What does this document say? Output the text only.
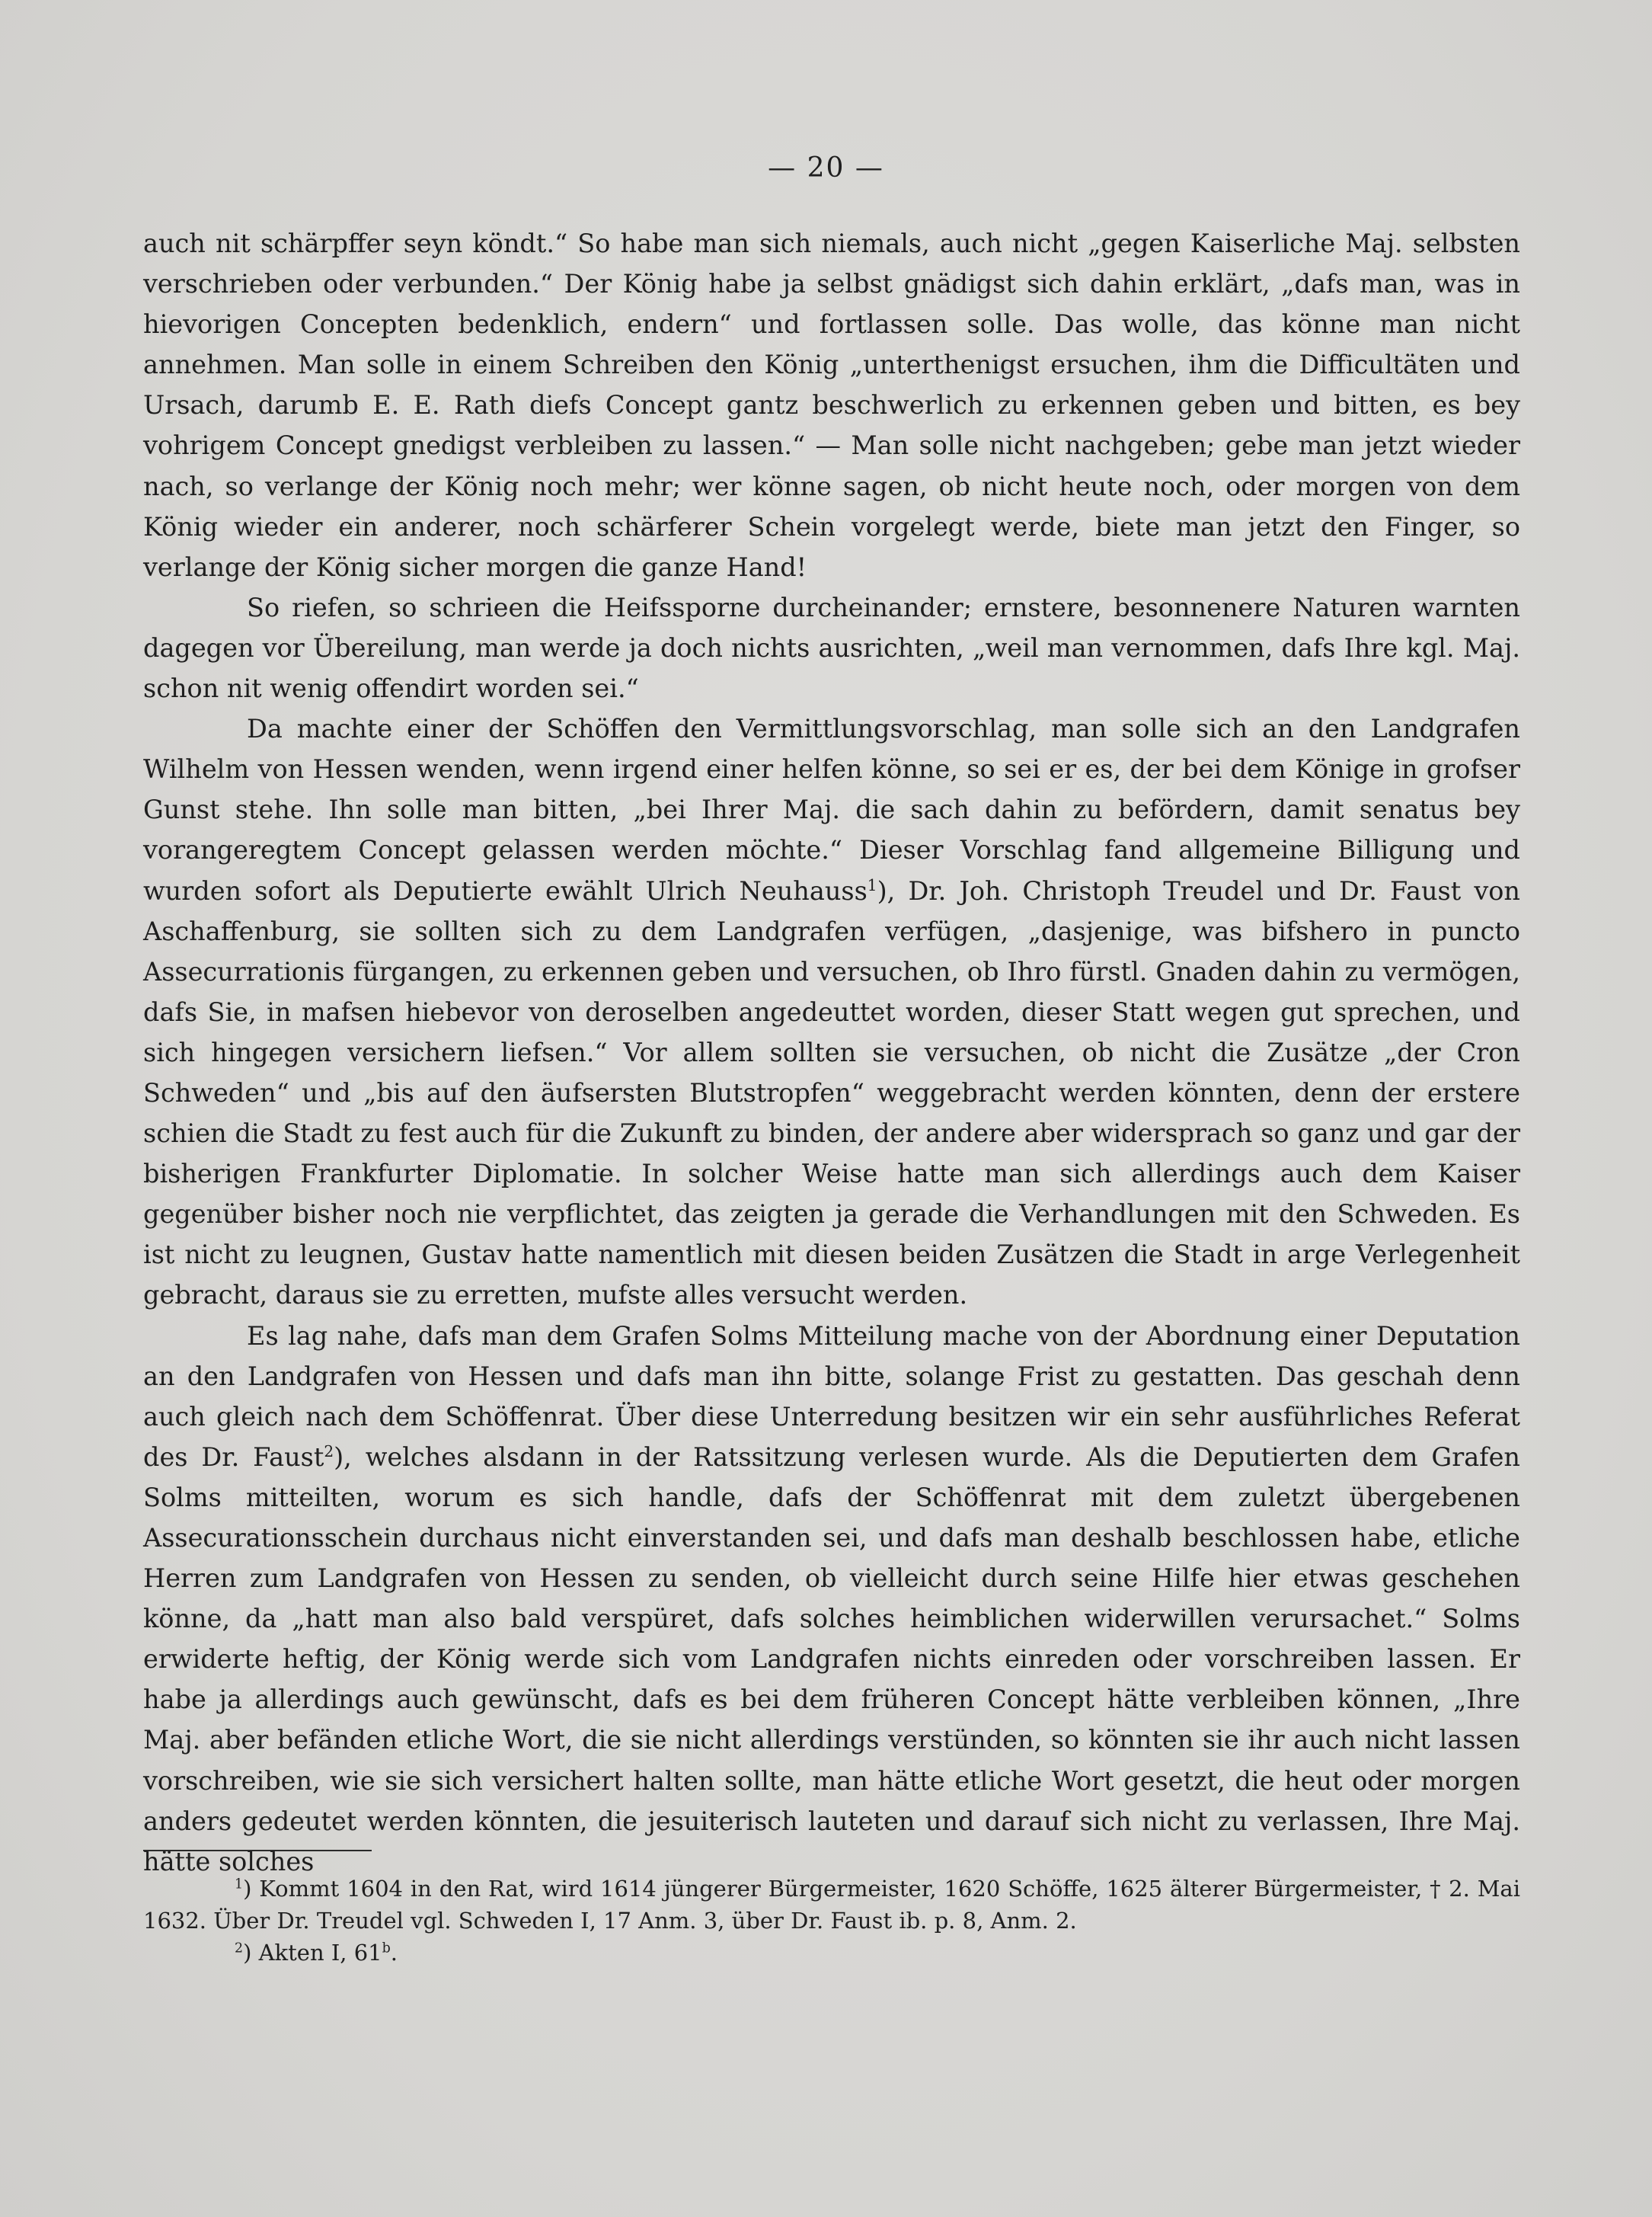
— 20 —

auch nit schärpffer seyn köndt.“ So habe man sich niemals, auch nicht „gegen Kaiserliche Maj. selbsten verschrieben oder verbunden.“ Der König habe ja selbst gnädigst sich dahin erklärt, „dafs man, was in hievorigen Concepten bedenklich, endern“ und fortlassen solle. Das wolle, das könne man nicht annehmen. Man solle in einem Schreiben den König „unterthenigst ersuchen, ihm die Difficultäten und Ursach, darumb E. E. Rath diefs Concept gantz beschwerlich zu erkennen geben und bitten, es bey vohrigem Concept gnedigst verbleiben zu lassen.“ — Man solle nicht nachgeben; gebe man jetzt wieder nach, so verlange der König noch mehr; wer könne sagen, ob nicht heute noch, oder morgen von dem König wieder ein anderer, noch schärferer Schein vorgelegt werde, biete man jetzt den Finger, so verlange der König sicher morgen die ganze Hand!

So riefen, so schrieen die Heifssporne durcheinander; ernstere, besonnenere Naturen warnten dagegen vor Übereilung, man werde ja doch nichts ausrichten, „weil man vernommen, dafs Ihre kgl. Maj. schon nit wenig offendirt worden sei.“

Da machte einer der Schöffen den Vermittlungsvorschlag, man solle sich an den Landgrafen Wilhelm von Hessen wenden, wenn irgend einer helfen könne, so sei er es, der bei dem Könige in grofser Gunst stehe. Ihn solle man bitten, „bei Ihrer Maj. die sach dahin zu befördern, damit senatus bey vorangeregtem Concept gelassen werden möchte.“ Dieser Vorschlag fand allgemeine Billigung und wurden sofort als Deputierte ewählt Ulrich Neuhauss$^1$), Dr. Joh. Christoph Treudel und Dr. Faust von Aschaffenburg, sie sollten sich zu dem Landgrafen verfügen, „dasjenige, was bifshero in puncto Assecurrationis fürgangen, zu erkennen geben und versuchen, ob Ihro fürstl. Gnaden dahin zu vermögen, dafs Sie, in mafsen hiebevor von deroselben angedeuttet worden, dieser Statt wegen gut sprechen, und sich hingegen versichern liefsen.“ Vor allem sollten sie versuchen, ob nicht die Zusätze „der Cron Schweden“ und „bis auf den äufsersten Blutstropfen“ weggebracht werden könnten, denn der erstere schien die Stadt zu fest auch für die Zukunft zu binden, der andere aber widersprach so ganz und gar der bisherigen Frankfurter Diplomatie. In solcher Weise hatte man sich allerdings auch dem Kaiser gegenüber bisher noch nie verpflichtet, das zeigten ja gerade die Verhandlungen mit den Schweden. Es ist nicht zu leugnen, Gustav hatte namentlich mit diesen beiden Zusätzen die Stadt in arge Verlegenheit gebracht, daraus sie zu erretten, mufste alles versucht werden.

Es lag nahe, dafs man dem Grafen Solms Mitteilung mache von der Abordnung einer Deputation an den Landgrafen von Hessen und dafs man ihn bitte, solange Frist zu gestatten. Das geschah denn auch gleich nach dem Schöffenrat. Über diese Unterredung besitzen wir ein sehr ausführliches Referat des Dr. Faust$^2$), welches alsdann in der Ratssitzung verlesen wurde. Als die Deputierten dem Grafen Solms mitteilten, worum es sich handle, dafs der Schöffenrat mit dem zuletzt übergebenen Assecurationsschein durchaus nicht einverstanden sei, und dafs man deshalb beschlossen habe, etliche Herren zum Landgrafen von Hessen zu senden, ob vielleicht durch seine Hilfe hier etwas geschehen könne, da „hatt man also bald verspüret, dafs solches heimblichen widerwillen verursachet.“ Solms erwiderte heftig, der König werde sich vom Landgrafen nichts einreden oder vorschreiben lassen. Er habe ja allerdings auch gewünscht, dafs es bei dem früheren Concept hätte verbleiben können, „Ihre Maj. aber befänden etliche Wort, die sie nicht allerdings verstünden, so könnten sie ihr auch nicht lassen vorschreiben, wie sie sich versichert halten sollte, man hätte etliche Wort gesetzt, die heut oder morgen anders gedeutet werden könnten, die jesuiterisch lauteten und darauf sich nicht zu verlassen, Ihre Maj. hätte solches

$^1$) Kommt 1604 in den Rat, wird 1614 jüngerer Bürgermeister, 1620 Schöffe, 1625 älterer Bürgermeister, † 2. Mai 1632. Über Dr. Treudel vgl. Schweden I, 17 Anm. 3, über Dr. Faust ib. p. 8, Anm. 2.

$^2$) Akten I, 61$^b$.
